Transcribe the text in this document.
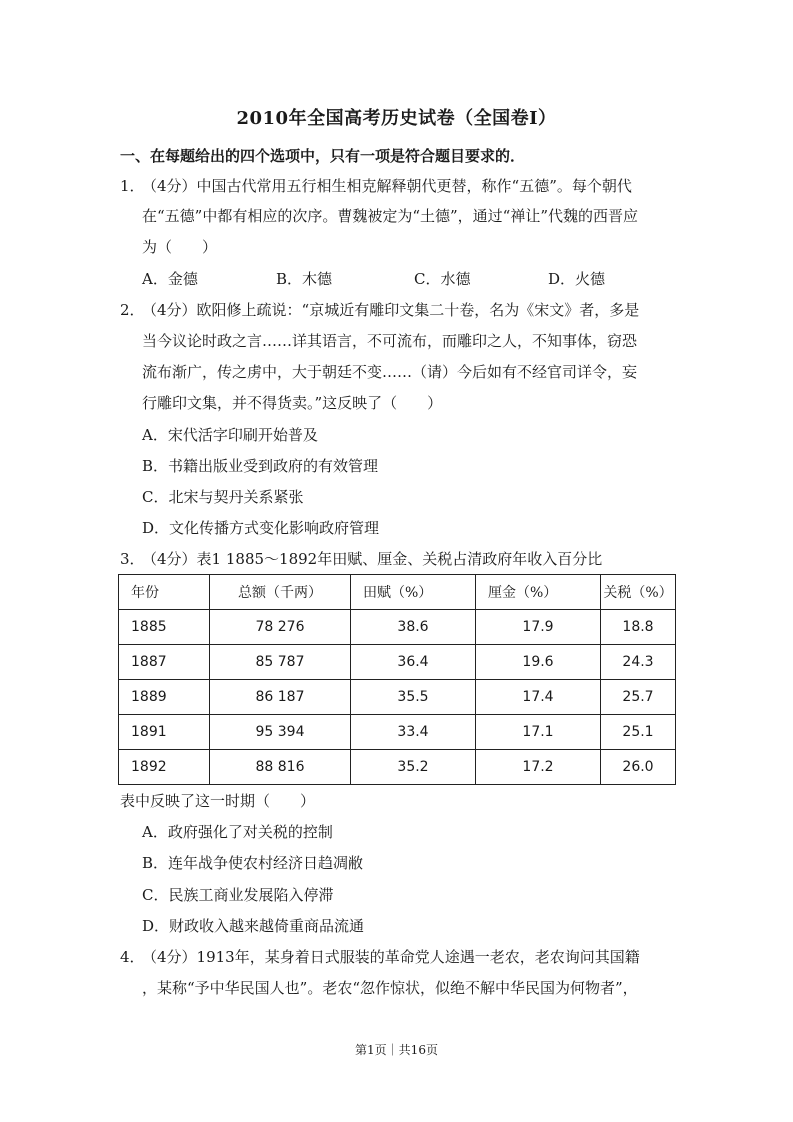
2010年全国高考历史试卷（全国卷Ⅰ）
一、在每题给出的四个选项中，只有一项是符合题目要求的．
1．（4分）中国古代常用五行相生相克解释朝代更替，称作“五德”。每个朝代
在“五德”中都有相应的次序。曹魏被定为“土德”，通过“禅让”代魏的西晋应
为（　　）
A．金德	B．木德	C．水德	D．火德
2．（4分）欧阳修上疏说：“京城近有雕印文集二十卷，名为《宋文》者，多是
当今议论时政之言……详其语言，不可流布，而雕印之人，不知事体，窃恐
流布渐广，传之虏中，大于朝廷不变……（请）今后如有不经官司详令，妄
行雕印文集，并不得货卖。”这反映了（　　）
A．宋代活字印刷开始普及
B．书籍出版业受到政府的有效管理
C．北宋与契丹关系紧张
D．文化传播方式变化影响政府管理
3．（4分）表1 1885～1892年田赋、厘金、关税占清政府年收入百分比
年份	总额（千两）	田赋（%）	厘金（%）	关税（%）
1885	78 276	38.6	17.9	18.8
1887	85 787	36.4	19.6	24.3
1889	86 187	35.5	17.4	25.7
1891	95 394	33.4	17.1	25.1
1892	88 816	35.2	17.2	26.0
表中反映了这一时期（　　）
A．政府强化了对关税的控制
B．连年战争使农村经济日趋凋敝
C．民族工商业发展陷入停滞
D．财政收入越来越倚重商品流通
4．（4分）1913年，某身着日式服装的革命党人途遇一老农，老农询问其国籍
，某称“予中华民国人也”。老农“忽作惊状，似绝不解中华民国为何物者”，
第1页｜共16页
